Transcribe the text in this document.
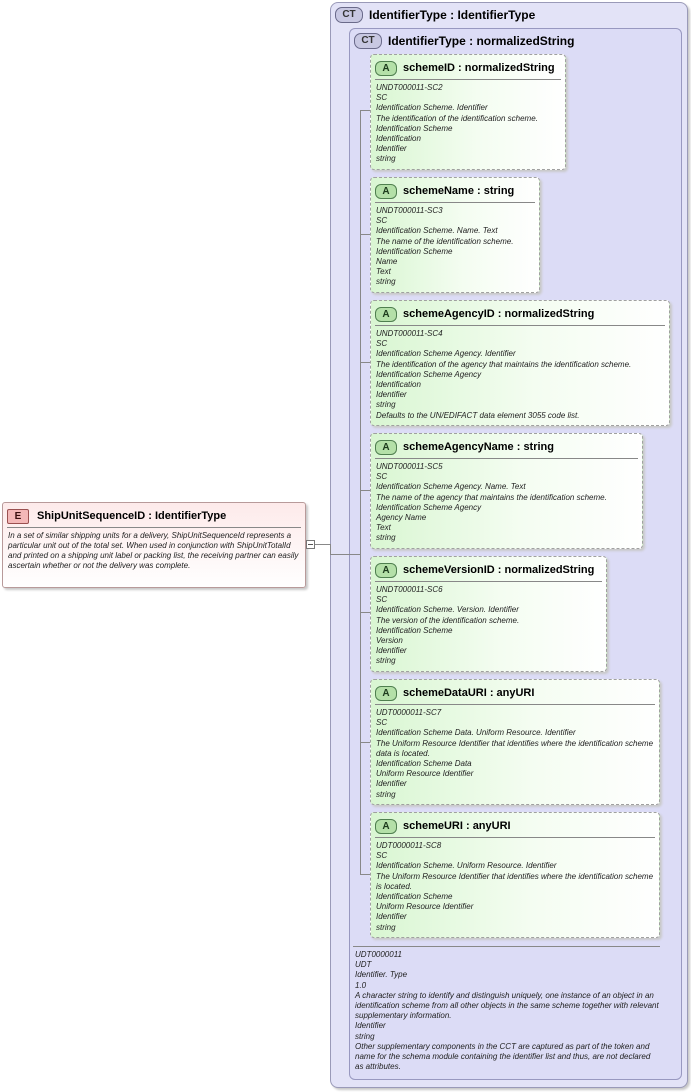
CT	IdentifierType : IdentifierType
CT	IdentifierType : normalizedString
A	schemeID : normalizedString
UNDT000011-SC2
SC
Identification Scheme. Identifier
The identification of the identification scheme.
Identification Scheme
Identification
Identifier
string
A	schemeName : string
UNDT000011-SC3
SC
Identification Scheme. Name. Text
The name of the identification scheme.
Identification Scheme
Name
Text
string
A	schemeAgencyID : normalizedString
UNDT000011-SC4
SC
Identification Scheme Agency. Identifier
The identification of the agency that maintains the identification scheme.
Identification Scheme Agency
Identification
Identifier
string
Defaults to the UN/EDIFACT data element 3055 code list.
A	schemeAgencyName : string
UNDT000011-SC5
SC
Identification Scheme Agency. Name. Text
The name of the agency that maintains the identification scheme.
Identification Scheme Agency
Agency Name
Text
string
A	schemeVersionID : normalizedString
UNDT000011-SC6
SC
Identification Scheme. Version. Identifier
The version of the identification scheme.
Identification Scheme
Version
Identifier
string
A	schemeDataURI : anyURI
UDT0000011-SC7
SC
Identification Scheme Data. Uniform Resource. Identifier
The Uniform Resource Identifier that identifies where the identification scheme data is located.
Identification Scheme Data
Uniform Resource Identifier
Identifier
string
A	schemeURI : anyURI
UDT0000011-SC8
SC
Identification Scheme. Uniform Resource. Identifier
The Uniform Resource Identifier that identifies where the identification scheme is located.
Identification Scheme
Uniform Resource Identifier
Identifier
string
UDT0000011
UDT
Identifier. Type
1.0
A character string to identify and distinguish uniquely, one instance of an object in an identification scheme from all other objects in the same scheme together with relevant supplementary information.
Identifier
string
Other supplementary components in the CCT are captured as part of the token and name for the schema module containing the identifier list and thus, are not declared as attributes.
E	ShipUnitSequenceID : IdentifierType
In a set of similar shipping units for a delivery, ShipUnitSequenceId represents a particular unit out of the total set. When used in conjunction with ShipUnitTotalId and printed on a shipping unit label or packing list, the receiving partner can easily ascertain whether or not the delivery was complete.
